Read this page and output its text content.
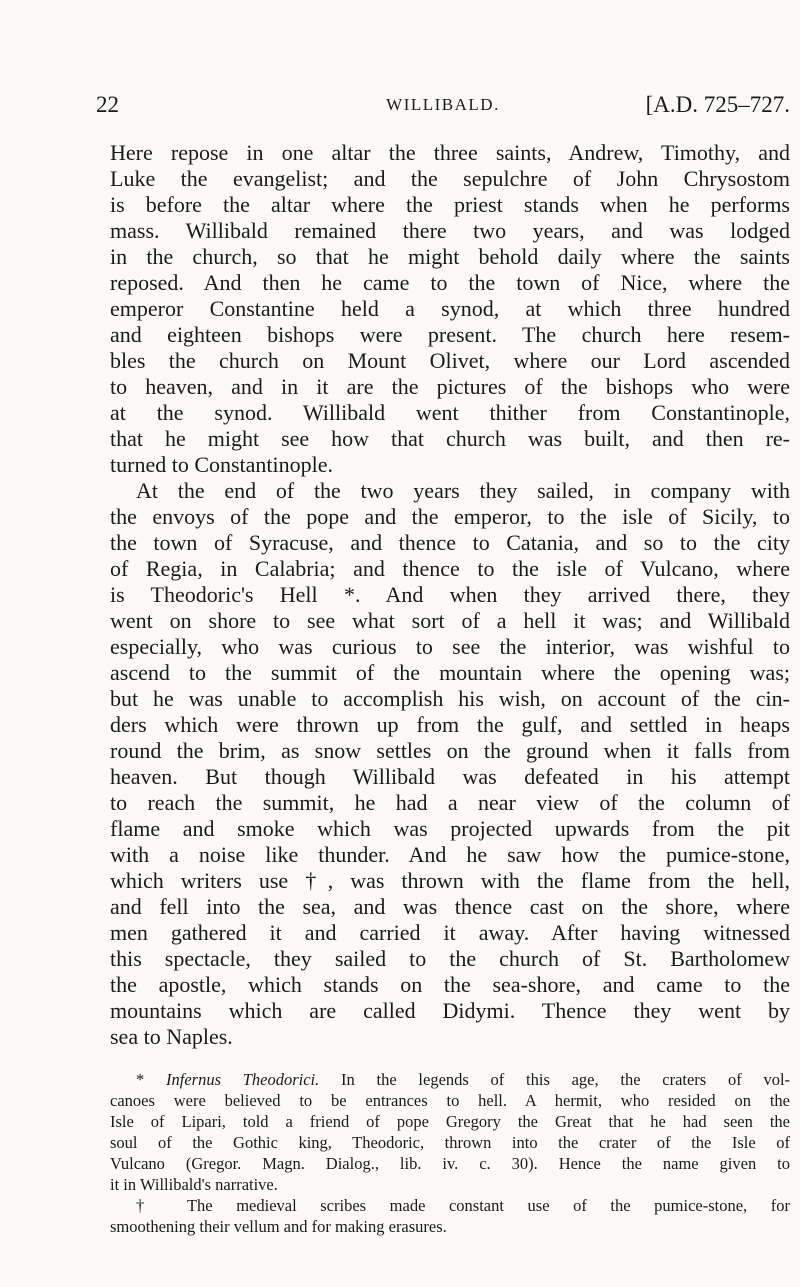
22	WILLIBALD.	[A.D. 725–727.
Here repose in one altar the three saints, Andrew, Timothy, and
Luke the evangelist; and the sepulchre of John Chrysostom
is before the altar where the priest stands when he performs
mass. Willibald remained there two years, and was lodged
in the church, so that he might behold daily where the saints
reposed. And then he came to the town of Nice, where the
emperor Constantine held a synod, at which three hundred
and eighteen bishops were present. The church here resem-
bles the church on Mount Olivet, where our Lord ascended
to heaven, and in it are the pictures of the bishops who were
at the synod. Willibald went thither from Constantinople,
that he might see how that church was built, and then re-
turned to Constantinople.
At the end of the two years they sailed, in company with
the envoys of the pope and the emperor, to the isle of Sicily, to
the town of Syracuse, and thence to Catania, and so to the city
of Regia, in Calabria; and thence to the isle of Vulcano, where
is Theodoric's Hell *. And when they arrived there, they
went on shore to see what sort of a hell it was; and Willibald
especially, who was curious to see the interior, was wishful to
ascend to the summit of the mountain where the opening was;
but he was unable to accomplish his wish, on account of the cin-
ders which were thrown up from the gulf, and settled in heaps
round the brim, as snow settles on the ground when it falls from
heaven. But though Willibald was defeated in his attempt
to reach the summit, he had a near view of the column of
flame and smoke which was projected upwards from the pit
with a noise like thunder. And he saw how the pumice-stone,
which writers use †, was thrown with the flame from the hell,
and fell into the sea, and was thence cast on the shore, where
men gathered it and carried it away. After having witnessed
this spectacle, they sailed to the church of St. Bartholomew
the apostle, which stands on the sea-shore, and came to the
mountains which are called Didymi. Thence they went by
sea to Naples.
* Infernus Theodorici. In the legends of this age, the craters of vol-
canoes were believed to be entrances to hell. A hermit, who resided on the
Isle of Lipari, told a friend of pope Gregory the Great that he had seen the
soul of the Gothic king, Theodoric, thrown into the crater of the Isle of
Vulcano (Gregor. Magn. Dialog., lib. iv. c. 30). Hence the name given to
it in Willibald's narrative.
† The medieval scribes made constant use of the pumice-stone, for
smoothening their vellum and for making erasures.
